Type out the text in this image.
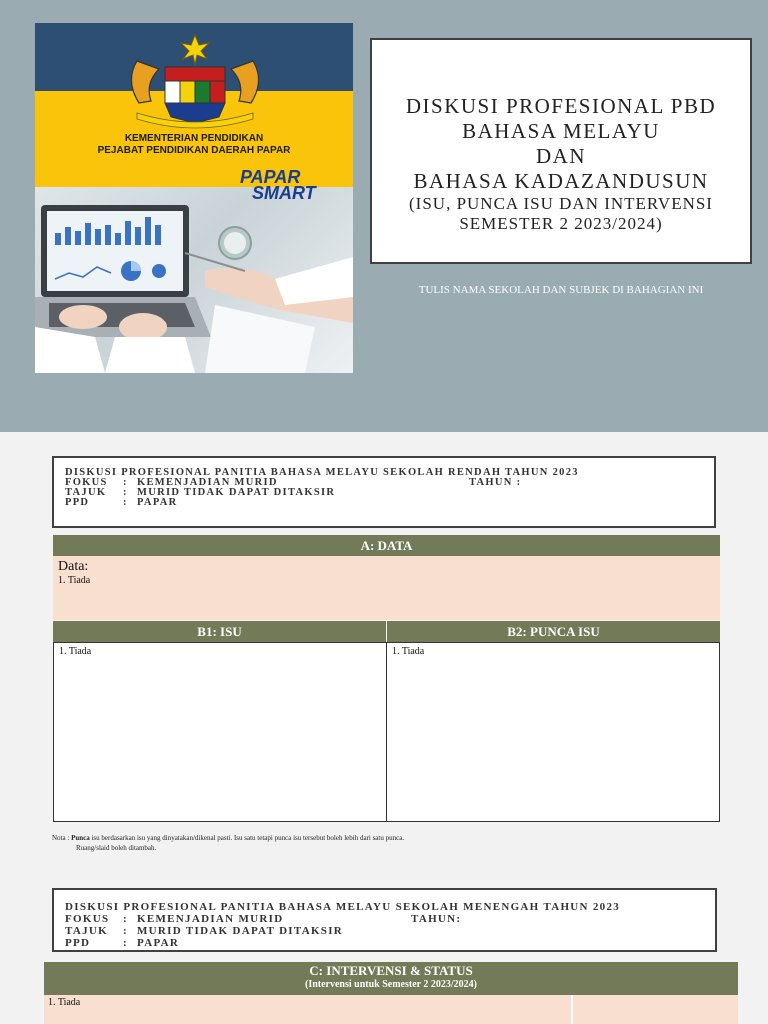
KEMENTERIAN PENDIDIKAN
PEJABAT PENDIDIKAN DAERAH PAPAR
PAPAR
SMART
DISKUSI PROFESIONAL PBD
BAHASA MELAYU
DAN
BAHASA KADAZANDUSUN
(ISU, PUNCA ISU DAN INTERVENSI
SEMESTER 2 2023/2024)
TULIS NAMA SEKOLAH DAN SUBJEK DI BAHAGIAN INI
DISKUSI PROFESIONAL PANITIA BAHASA MELAYU SEKOLAH RENDAH TAHUN 2023
FOKUS : KEMENJADIAN MURID	TAHUN :
TAJUK : MURID TIDAK DAPAT DITAKSIR
PPD	: PAPAR
A: DATA
Data:
1. Tiada
B1: ISU	B2: PUNCA ISU
1. Tiada	1. Tiada
Nota : Punca isu berdasarkan isu yang dinyatakan/dikenal pasti. Isu satu tetapi punca isu tersebut boleh lebih dari satu punca.
Ruang/slaid boleh ditambah.
DISKUSI PROFESIONAL PANITIA BAHASA MELAYU SEKOLAH MENENGAH TAHUN 2023
FOKUS : KEMENJADIAN MURID	TAHUN:
TAJUK : MURID TIDAK DAPAT DITAKSIR
PPD	: PAPAR
C: INTERVENSI & STATUS
(Intervensi untuk Semester 2 2023/2024)
1. Tiada
